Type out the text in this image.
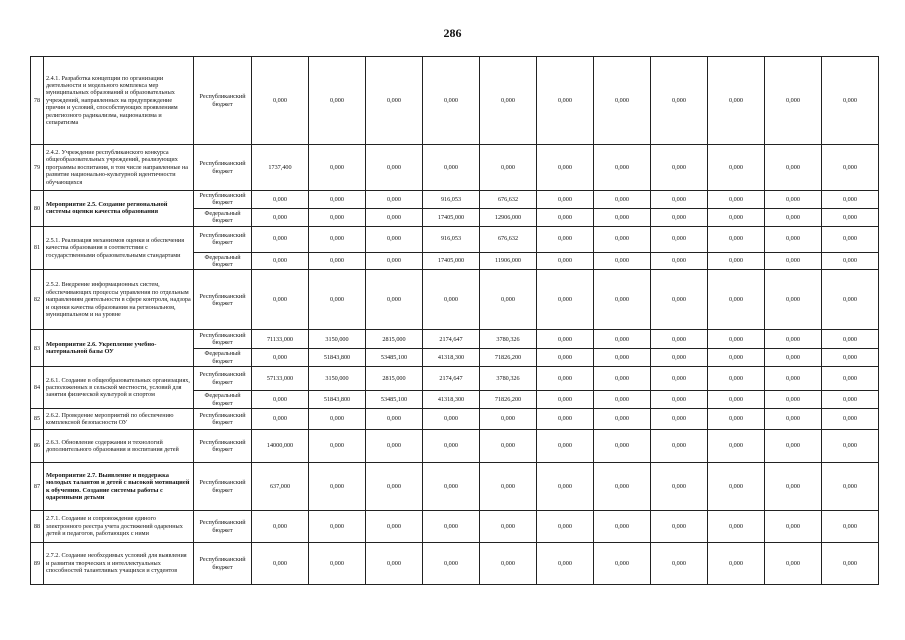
286
78	2.4.1. Разработка концепции по организации деятельности и модельного комплекса мер муниципальных образований и образовательных учреждений, направленных на предупреждение причин и условий, способствующих проявлениям религиозного радикализма, национализма и сепаратизма	Республиканский бюджет	0,000	0,000	0,000	0,000	0,000	0,000	0,000	0,000	0,000	0,000	0,000
79	2.4.2. Учреждение республиканского конкурса общеобразовательных учреждений, реализующих программы воспитания, в том числе направленные на развитие национально-культурной идентичности обучающихся	Республиканский бюджет	1737,400	0,000	0,000	0,000	0,000	0,000	0,000	0,000	0,000	0,000	0,000
80	Мероприятие 2.5. Создание региональной системы оценки качества образования	Республиканский бюджет	0,000	0,000	0,000	916,053	676,632	0,000	0,000	0,000	0,000	0,000	0,000
		Федеральный бюджет	0,000	0,000	0,000	17405,000	12906,000	0,000	0,000	0,000	0,000	0,000	0,000
81	2.5.1. Реализация механизмов оценки и обеспечения качества образования в соответствии с государственными образовательными стандартами	Республиканский бюджет	0,000	0,000	0,000	916,053	676,632	0,000	0,000	0,000	0,000	0,000	0,000
		Федеральный бюджет	0,000	0,000	0,000	17405,000	11906,000	0,000	0,000	0,000	0,000	0,000	0,000
82	2.5.2. Внедрение информационных систем, обеспечивающих процессы управления по отдельным направлениям деятельности в сфере контроля, надзора и оценки качества образования на региональном, муниципальном и на уровне	Республиканский бюджет	0,000	0,000	0,000	0,000	0,000	0,000	0,000	0,000	0,000	0,000	0,000
83	Мероприятие 2.6. Укрепление учебно-материальной базы ОУ	Республиканский бюджет	71133,000	3150,000	2815,000	2174,647	3780,326	0,000	0,000	0,000	0,000	0,000	0,000
		Федеральный бюджет	0,000	51843,800	53485,100	41318,300	71826,200	0,000	0,000	0,000	0,000	0,000	0,000
84	2.6.1. Создание в общеобразовательных организациях, расположенных в сельской местности, условий для занятия физической культурой и спортом	Республиканский бюджет	57133,000	3150,000	2815,000	2174,647	3780,326	0,000	0,000	0,000	0,000	0,000	0,000
		Федеральный бюджет	0,000	51843,800	53485,100	41318,300	71826,200	0,000	0,000	0,000	0,000	0,000	0,000
85	2.6.2. Проведение мероприятий по обеспечению комплексной безопасности ОУ	Республиканский бюджет	0,000	0,000	0,000	0,000	0,000	0,000	0,000	0,000	0,000	0,000	0,000
86	2.6.3. Обновление содержания и технологий дополнительного образования и воспитания детей	Республиканский бюджет	14000,000	0,000	0,000	0,000	0,000	0,000	0,000	0,000	0,000	0,000	0,000
87	Мероприятие 2.7. Выявление и поддержка молодых талантов и детей с высокой мотивацией к обучению. Создание системы работы с одаренными детьми	Республиканский бюджет	637,000	0,000	0,000	0,000	0,000	0,000	0,000	0,000	0,000	0,000	0,000
88	2.7.1. Создание и сопровождение единого электронного реестра учета достижений одаренных детей и педагогов, работающих с ними	Республиканский бюджет	0,000	0,000	0,000	0,000	0,000	0,000	0,000	0,000	0,000	0,000	0,000
89	2.7.2. Создание необходимых условий для выявления и развития творческих и интеллектуальных способностей талантливых учащихся и студентов	Республиканский бюджет	0,000	0,000	0,000	0,000	0,000	0,000	0,000	0,000	0,000	0,000	0,000
